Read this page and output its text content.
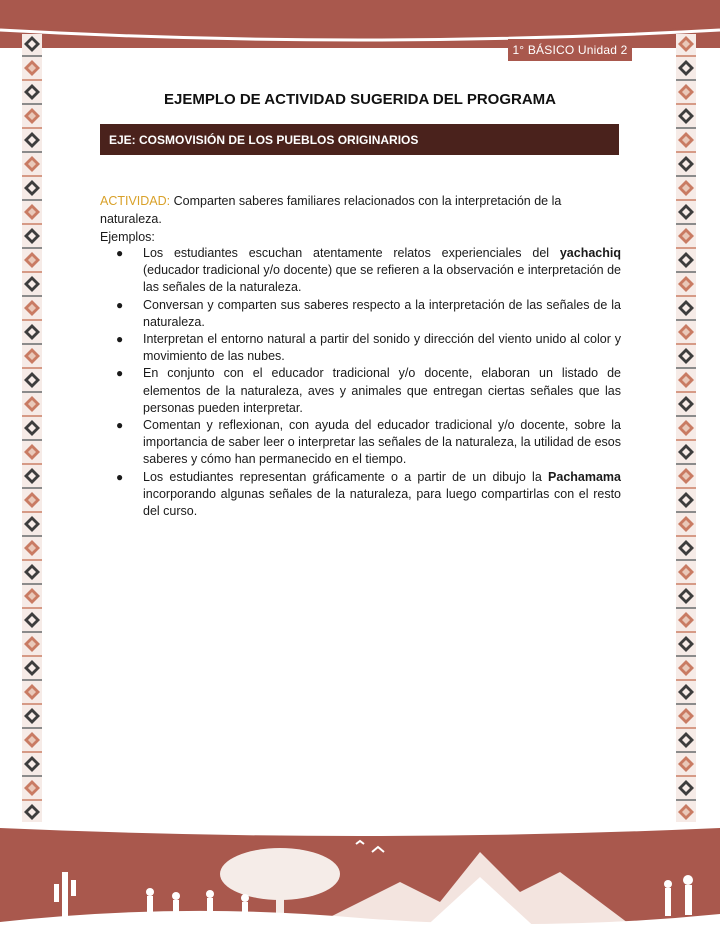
1° BÁSICO Unidad 2
EJEMPLO DE ACTIVIDAD SUGERIDA DEL PROGRAMA
EJE: COSMOVISIÓN DE LOS PUEBLOS ORIGINARIOS
ACTIVIDAD: Comparten saberes familiares relacionados con la interpretación de la naturaleza.
Ejemplos:
● Los estudiantes escuchan atentamente relatos experienciales del yachachiq (educador tradicional y/o docente) que se refieren a la observación e interpretación de las señales de la naturaleza.
● Conversan y comparten sus saberes respecto a la interpretación de las señales de la naturaleza.
● Interpretan el entorno natural a partir del sonido y dirección del viento unido al color y movimiento de las nubes.
● En conjunto con el educador tradicional y/o docente, elaboran un listado de elementos de la naturaleza, aves y animales que entregan ciertas señales que las personas pueden interpretar.
● Comentan y reflexionan, con ayuda del educador tradicional y/o docente, sobre la importancia de saber leer o interpretar las señales de la naturaleza, la utilidad de esos saberes y cómo han permanecido en el tiempo.
● Los estudiantes representan gráficamente o a partir de un dibujo la Pachamama incorporando algunas señales de la naturaleza, para luego compartirlas con el resto del curso.
